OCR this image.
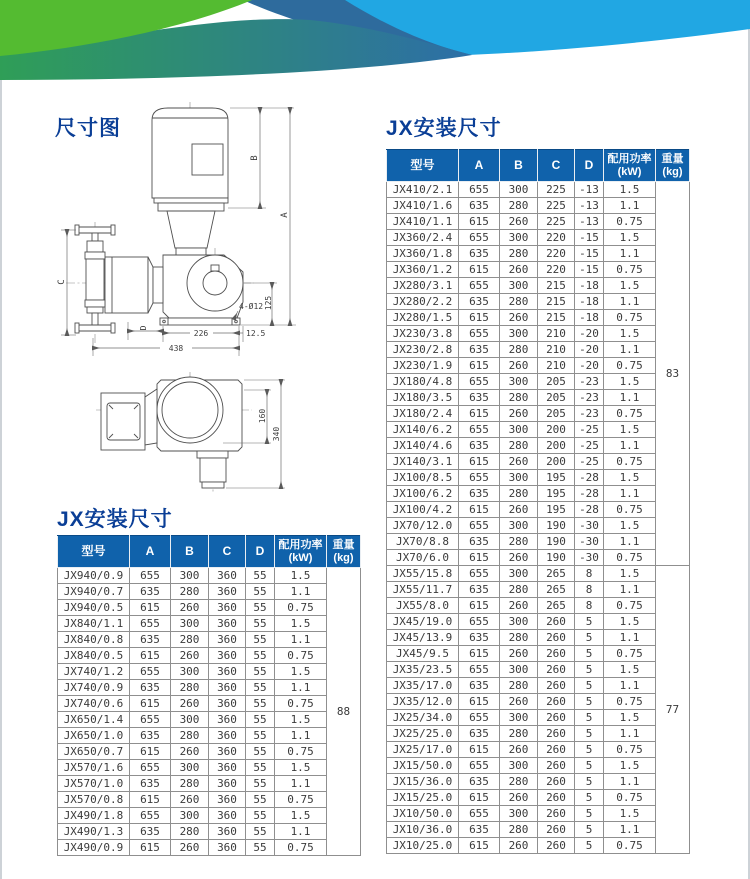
尺寸图
JX安装尺寸
JX安装尺寸
B
A
C
125
D
226	12.5
438
4-Ø12
160
340
型号	A	B	C	D	配用功率(kW)	重量(kg)
JX940/0.9	655	300	360	55	1.5	88
JX940/0.7	635	280	360	55	1.1	
JX940/0.5	615	260	360	55	0.75	
JX840/1.1	655	300	360	55	1.5	
JX840/0.8	635	280	360	55	1.1	
JX840/0.5	615	260	360	55	0.75	
JX740/1.2	655	300	360	55	1.5	
JX740/0.9	635	280	360	55	1.1	
JX740/0.6	615	260	360	55	0.75	
JX650/1.4	655	300	360	55	1.5	
JX650/1.0	635	280	360	55	1.1	
JX650/0.7	615	260	360	55	0.75	
JX570/1.6	655	300	360	55	1.5	
JX570/1.0	635	280	360	55	1.1	
JX570/0.8	615	260	360	55	0.75	
JX490/1.8	655	300	360	55	1.5	
JX490/1.3	635	280	360	55	1.1	
JX490/0.9	615	260	360	55	0.75	
型号	A	B	C	D	配用功率(kW)	重量(kg)
JX410/2.1	655	300	225	-13	1.5	83
JX410/1.6	635	280	225	-13	1.1	
JX410/1.1	615	260	225	-13	0.75	
JX360/2.4	655	300	220	-15	1.5	
JX360/1.8	635	280	220	-15	1.1	
JX360/1.2	615	260	220	-15	0.75	
JX280/3.1	655	300	215	-18	1.5	
JX280/2.2	635	280	215	-18	1.1	
JX280/1.5	615	260	215	-18	0.75	
JX230/3.8	655	300	210	-20	1.5	
JX230/2.8	635	280	210	-20	1.1	
JX230/1.9	615	260	210	-20	0.75	
JX180/4.8	655	300	205	-23	1.5	
JX180/3.5	635	280	205	-23	1.1	
JX180/2.4	615	260	205	-23	0.75	
JX140/6.2	655	300	200	-25	1.5	
JX140/4.6	635	280	200	-25	1.1	
JX140/3.1	615	260	200	-25	0.75	
JX100/8.5	655	300	195	-28	1.5	
JX100/6.2	635	280	195	-28	1.1	
JX100/4.2	615	260	195	-28	0.75	
JX70/12.0	655	300	190	-30	1.5	
JX70/8.8	635	280	190	-30	1.1	
JX70/6.0	615	260	190	-30	0.75	
JX55/15.8	655	300	265	8	1.5	77
JX55/11.7	635	280	265	8	1.1	
JX55/8.0	615	260	265	8	0.75	
JX45/19.0	655	300	260	5	1.5	
JX45/13.9	635	280	260	5	1.1	
JX45/9.5	615	260	260	5	0.75	
JX35/23.5	655	300	260	5	1.5	
JX35/17.0	635	280	260	5	1.1	
JX35/12.0	615	260	260	5	0.75	
JX25/34.0	655	300	260	5	1.5	
JX25/25.0	635	280	260	5	1.1	
JX25/17.0	615	260	260	5	0.75	
JX15/50.0	655	300	260	5	1.5	
JX15/36.0	635	280	260	5	1.1	
JX15/25.0	615	260	260	5	0.75	
JX10/50.0	655	300	260	5	1.5	
JX10/36.0	635	280	260	5	1.1	
JX10/25.0	615	260	260	5	0.75	
